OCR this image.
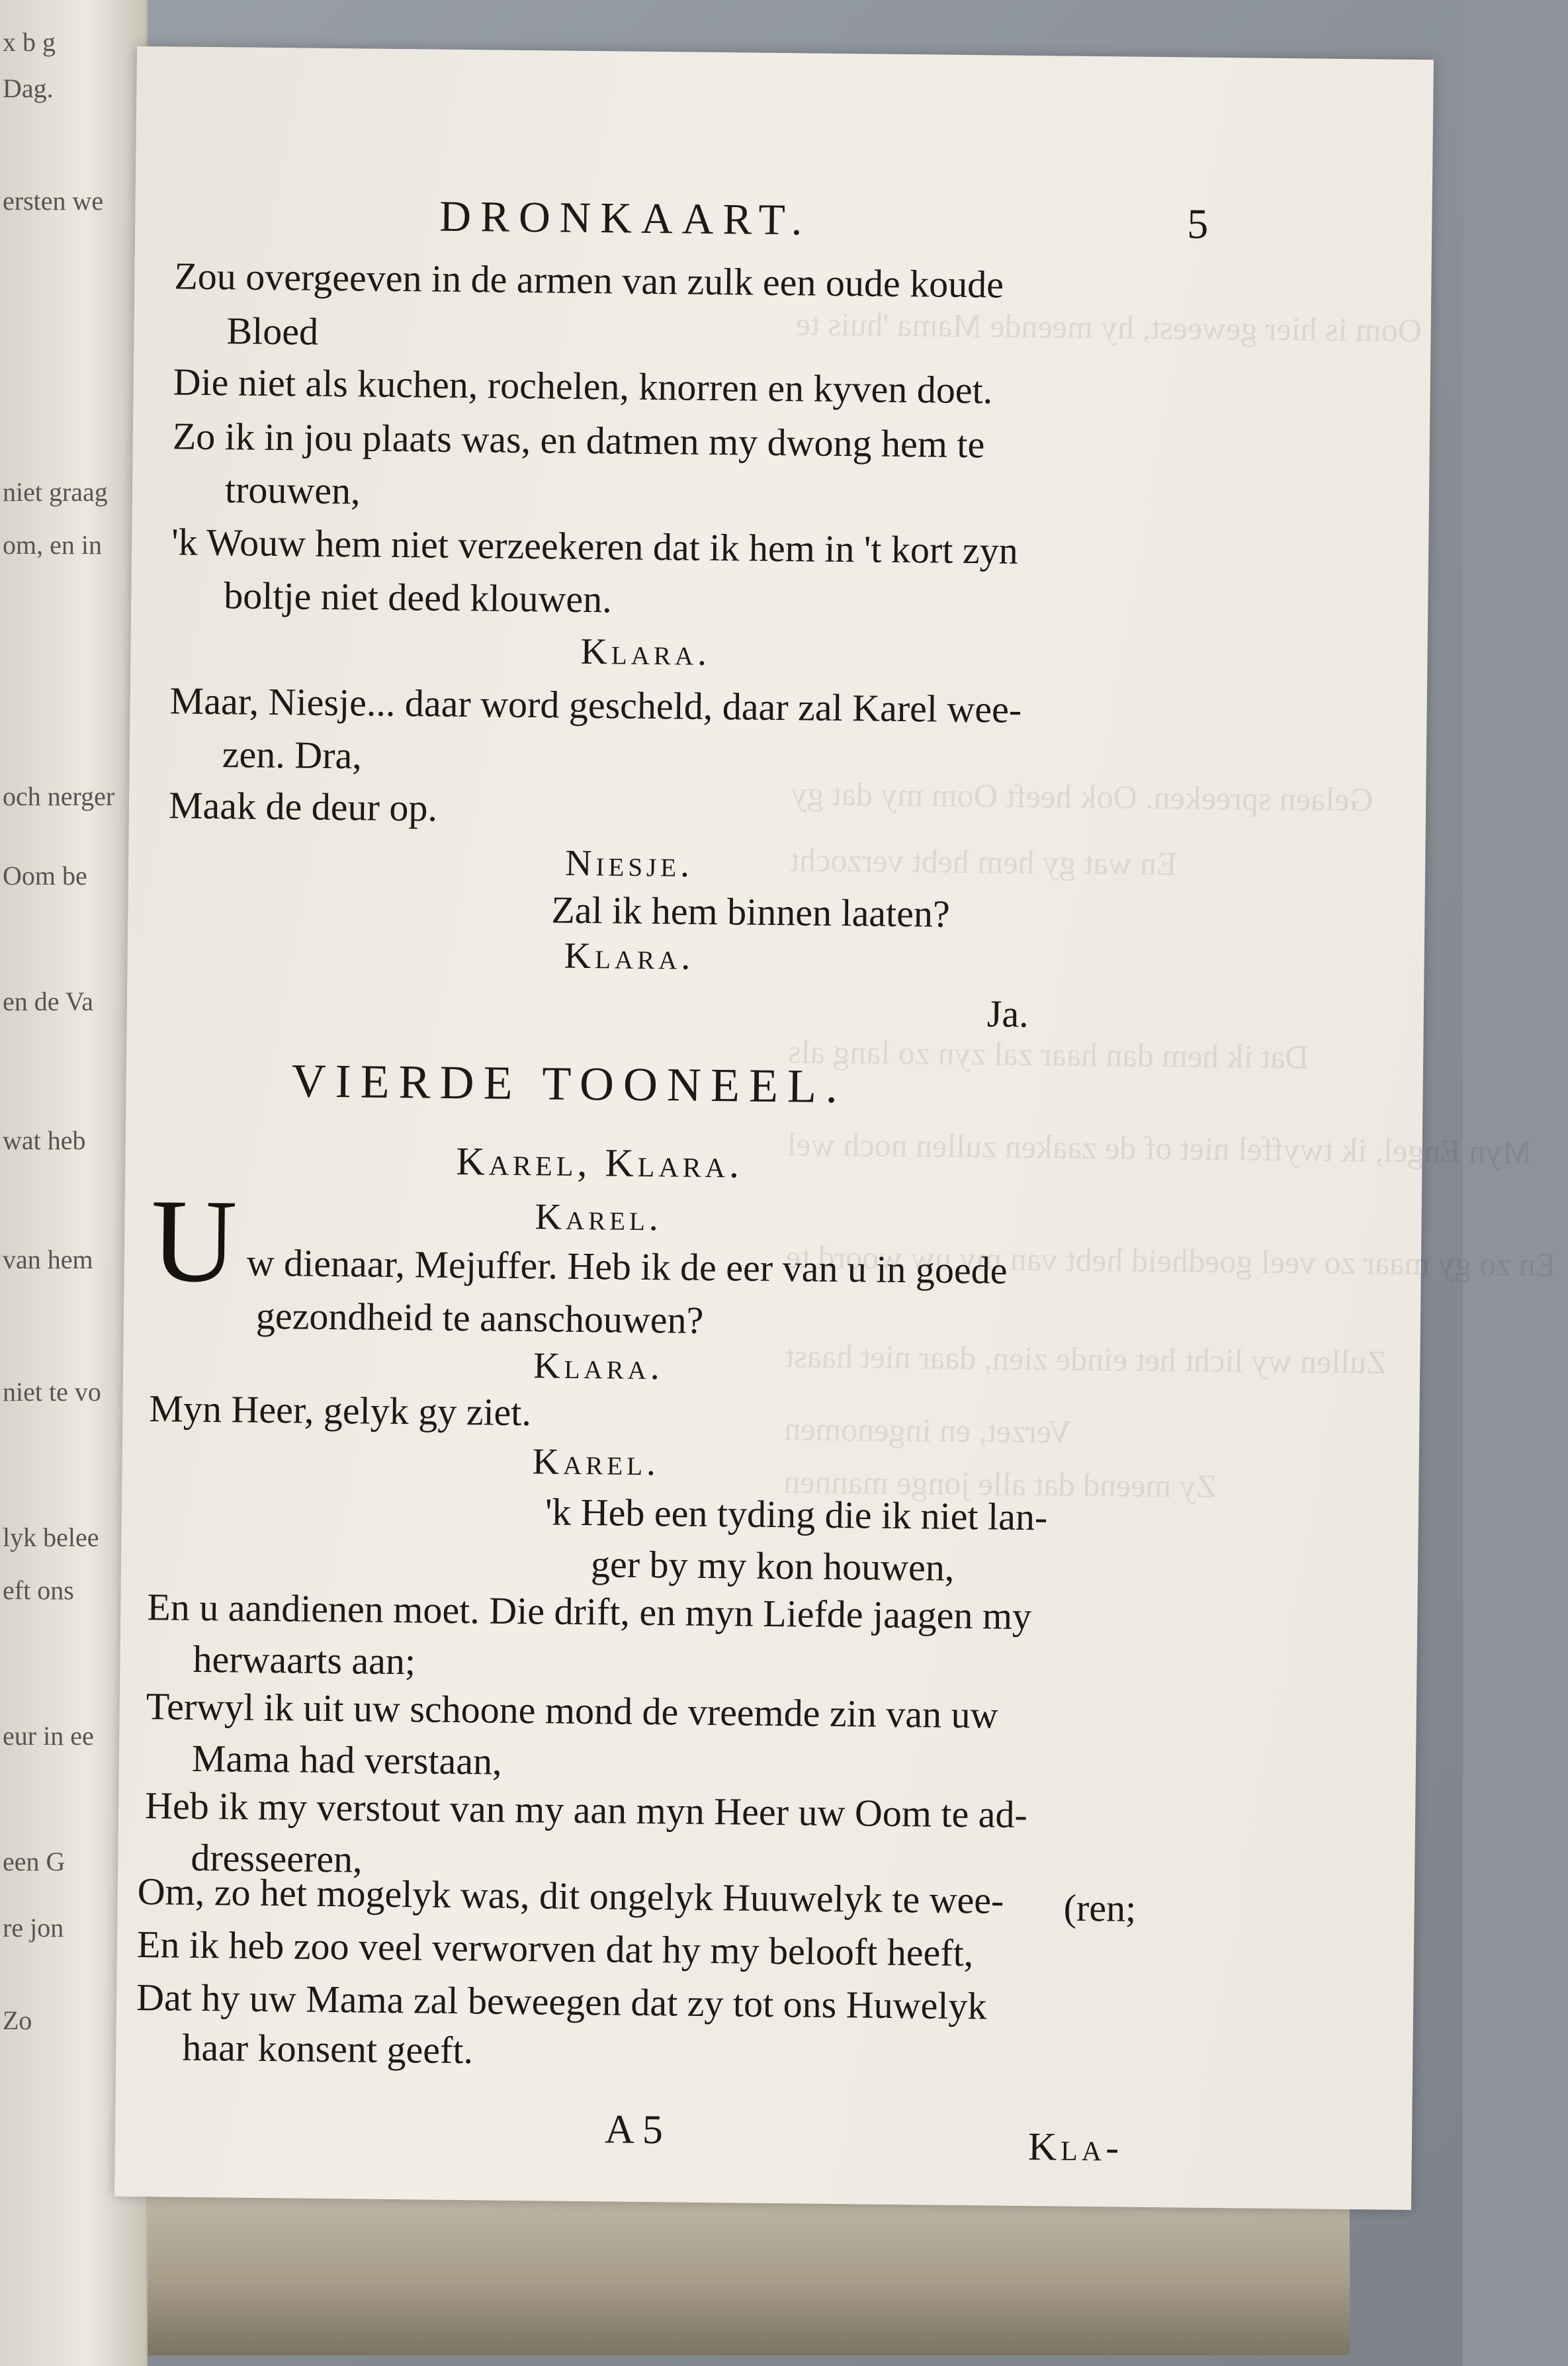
x b g
Dag.
ersten we
niet graag
om, en in
och nerger
Oom be
en de Va
wat heb
van hem
niet te vo
lyk belee
eft ons
eur in ee
een G
re jon
Zo
Oom is hier geweest, hy meende Mama 'huis te
Gelaen spreeken. Ook heeft Oom my dat gy
En wat gy hem hebt verzocht
Dat ik hem dan haar zal zyn zo lang als
Myn Engel, ik twyffel niet of de zaaken zullen noch wel
En zo gy maar zo veel goedheid hebt van my uw woord te
Zullen wy licht het einde zien, daar niet haast
Verzet, en ingenomen
Zy meend dat alle jonge mannen
DRONKAART.	5
Zou overgeeven in de armen van zulk een oude koude
Bloed
Die niet als kuchen, rochelen, knorren en kyven doet.
Zo ik in jou plaats was, en datmen my dwong hem te
trouwen,
'k Wouw hem niet verzeekeren dat ik hem in 't kort zyn
boltje niet deed klouwen.
Klara.
Maar, Niesje... daar word gescheld, daar zal Karel wee-
zen. Dra,
Maak de deur op.
Niesje.
Zal ik hem binnen laaten?
Klara.
Ja.
VIERDE TOONEEL.
Karel, Klara.
Karel.
U w dienaar, Mejuffer. Heb ik de eer van u in goede
gezondheid te aanschouwen?
Klara.
Myn Heer, gelyk gy ziet.
Karel.
'k Heb een tyding die ik niet lan-
ger by my kon houwen,
En u aandienen moet. Die drift, en myn Liefde jaagen my
herwaarts aan;
Terwyl ik uit uw schoone mond de vreemde zin van uw
Mama had verstaan,
Heb ik my verstout van my aan myn Heer uw Oom te ad-
dresseeren,
(ren;
Om, zo het mogelyk was, dit ongelyk Huuwelyk te wee-
En ik heb zoo veel verworven dat hy my belooft heeft,
Dat hy uw Mama zal beweegen dat zy tot ons Huwelyk
haar konsent geeft.
A 5	Kla-
